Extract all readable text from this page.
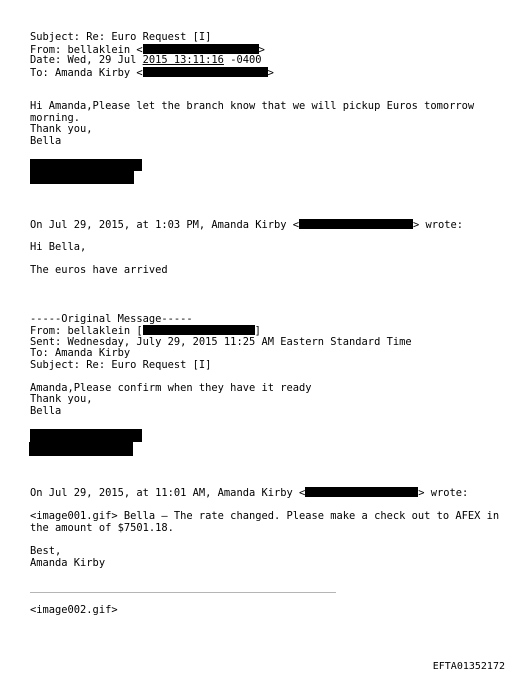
Subject: Re: Euro Request [I]
From: bellaklein <	>
Date: Wed, 29 Jul 2015 13:11:16 -0400
To: Amanda Kirby <	>
Hi Amanda,Please let the branch know that we will pickup Euros tomorrow
morning.
Thank you,
Bella
On Jul 29, 2015, at 1:03 PM, Amanda Kirby <	> wrote:
Hi Bella,
The euros have arrived
-----Original Message-----
From: bellaklein [	]
Sent: Wednesday, July 29, 2015 11:25 AM Eastern Standard Time
To: Amanda Kirby
Subject: Re: Euro Request [I]
Amanda,Please confirm when they have it ready
Thank you,
Bella
On Jul 29, 2015, at 11:01 AM, Amanda Kirby <	> wrote:
<image001.gif> Bella – The rate changed. Please make a check out to AFEX in
the amount of $7501.18.
Best,
Amanda Kirby
<image002.gif>
EFTA01352172
